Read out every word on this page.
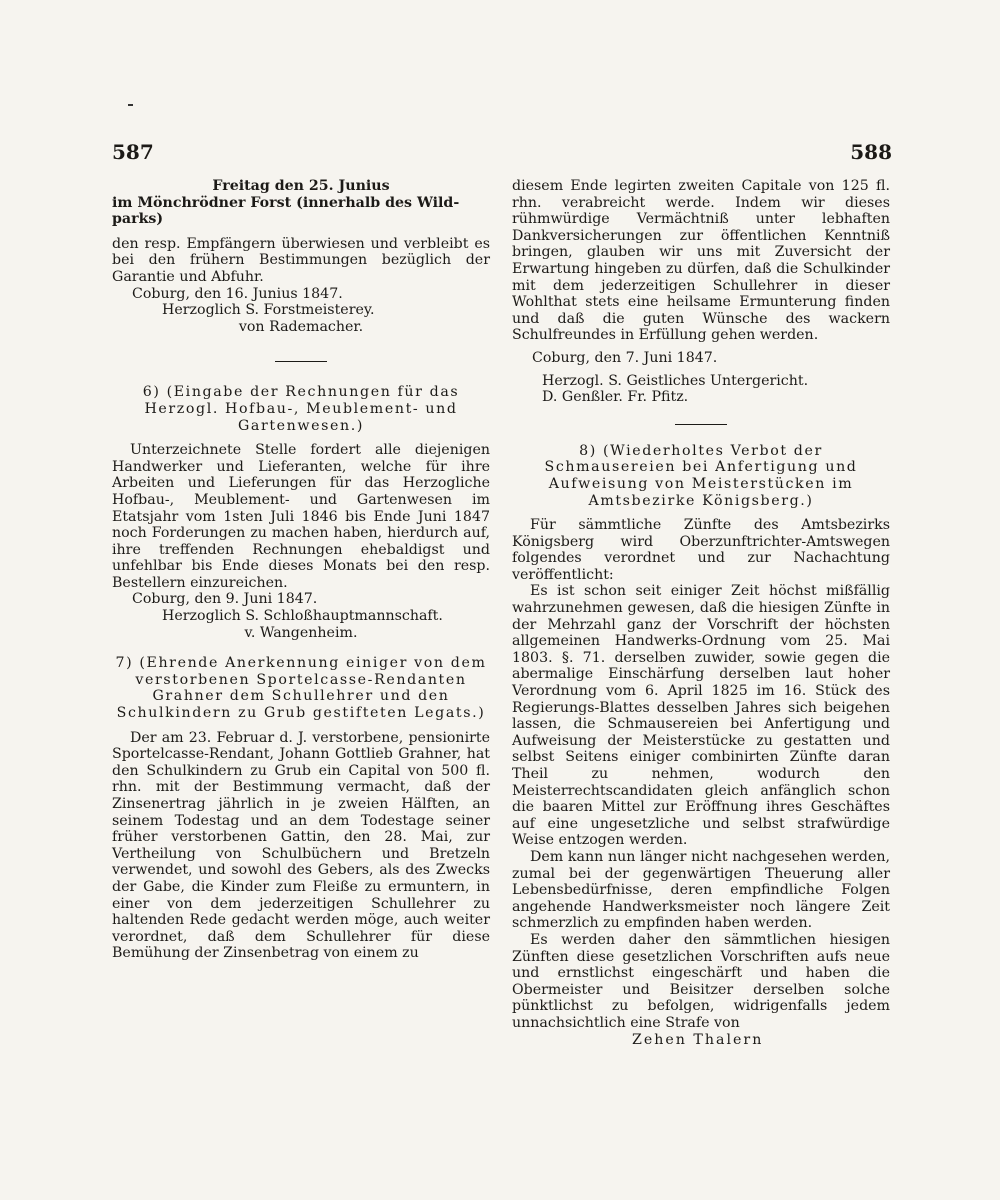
587	588

Freitag den 25. Junius

im Mönchrödner Forst (innerhalb des Wild-

parks)

den resp. Empfängern überwiesen und verbleibt es bei den frühern Bestimmungen bezüglich der Garantie und Abfuhr.

Coburg, den 16. Junius 1847.

Herzoglich S. Forstmeisterey.

von Rademacher.

6) (Eingabe der Rechnungen für das Herzogl. Hofbau-, Meublement- und Gartenwesen.)

Unterzeichnete Stelle fordert alle diejenigen Handwerker und Lieferanten, welche für ihre Arbeiten und Lieferungen für das Herzogliche Hofbau-, Meublement- und Gartenwesen im Etatsjahr vom 1sten Juli 1846 bis Ende Juni 1847 noch Forderungen zu machen haben, hierdurch auf, ihre treffenden Rechnungen ehebaldigst und unfehlbar bis Ende dieses Monats bei den resp. Bestellern einzureichen.

Coburg, den 9. Juni 1847.

Herzoglich S. Schloßhauptmannschaft.

v. Wangenheim.

7) (Ehrende Anerkennung einiger von dem verstorbenen Sportelcasse-Rendanten Grahner dem Schullehrer und den Schulkindern zu Grub gestifteten Legats.)

Der am 23. Februar d. J. verstorbene, pensionirte Sportelcasse-Rendant, Johann Gottlieb Grahner, hat den Schulkindern zu Grub ein Capital von 500 fl. rhn. mit der Bestimmung vermacht, daß der Zinsenertrag jährlich in je zweien Hälften, an seinem Todestag und an dem Todestage seiner früher verstorbenen Gattin, den 28. Mai, zur Vertheilung von Schulbüchern und Bretzeln verwendet, und sowohl des Gebers, als des Zwecks der Gabe, die Kinder zum Fleiße zu ermuntern, in einer von dem jederzeitigen Schullehrer zu haltenden Rede gedacht werden möge, auch weiter verordnet, daß dem Schullehrer für diese Bemühung der Zinsenbetrag von einem zu

diesem Ende legirten zweiten Capitale von 125 fl. rhn. verabreicht werde. Indem wir dieses rühmwürdige Vermächtniß unter lebhaften Dankversicherungen zur öffentlichen Kenntniß bringen, glauben wir uns mit Zuversicht der Erwartung hingeben zu dürfen, daß die Schulkinder mit dem jederzeitigen Schullehrer in dieser Wohlthat stets eine heilsame Ermunterung finden und daß die guten Wünsche des wackern Schulfreundes in Erfüllung gehen werden.

Coburg, den 7. Juni 1847.

Herzogl. S. Geistliches Untergericht.

D. Genßler. Fr. Pfitz.

8) (Wiederholtes Verbot der Schmausereien bei Anfertigung und Aufweisung von Meisterstücken im Amtsbezirke Königsberg.)

Für sämmtliche Zünfte des Amtsbezirks Königsberg wird Oberzunftrichter-Amtswegen folgendes verordnet und zur Nachachtung veröffentlicht:

Es ist schon seit einiger Zeit höchst mißfällig wahrzunehmen gewesen, daß die hiesigen Zünfte in der Mehrzahl ganz der Vorschrift der höchsten allgemeinen Handwerks-Ordnung vom 25. Mai 1803. §. 71. derselben zuwider, sowie gegen die abermalige Einschärfung derselben laut hoher Verordnung vom 6. April 1825 im 16. Stück des Regierungs-Blattes desselben Jahres sich beigehen lassen, die Schmausereien bei Anfertigung und Aufweisung der Meisterstücke zu gestatten und selbst Seitens einiger combinirten Zünfte daran Theil zu nehmen, wodurch den Meisterrechtscandidaten gleich anfänglich schon die baaren Mittel zur Eröffnung ihres Geschäftes auf eine ungesetzliche und selbst strafwürdige Weise entzogen werden.

Dem kann nun länger nicht nachgesehen werden, zumal bei der gegenwärtigen Theuerung aller Lebensbedürfnisse, deren empfindliche Folgen angehende Handwerksmeister noch längere Zeit schmerzlich zu empfinden haben werden.

Es werden daher den sämmtlichen hiesigen Zünften diese gesetzlichen Vorschriften aufs neue und ernstlichst eingeschärft und haben die Obermeister und Beisitzer derselben solche pünktlichst zu befolgen, widrigenfalls jedem unnachsichtlich eine Strafe von

Zehen Thalern
